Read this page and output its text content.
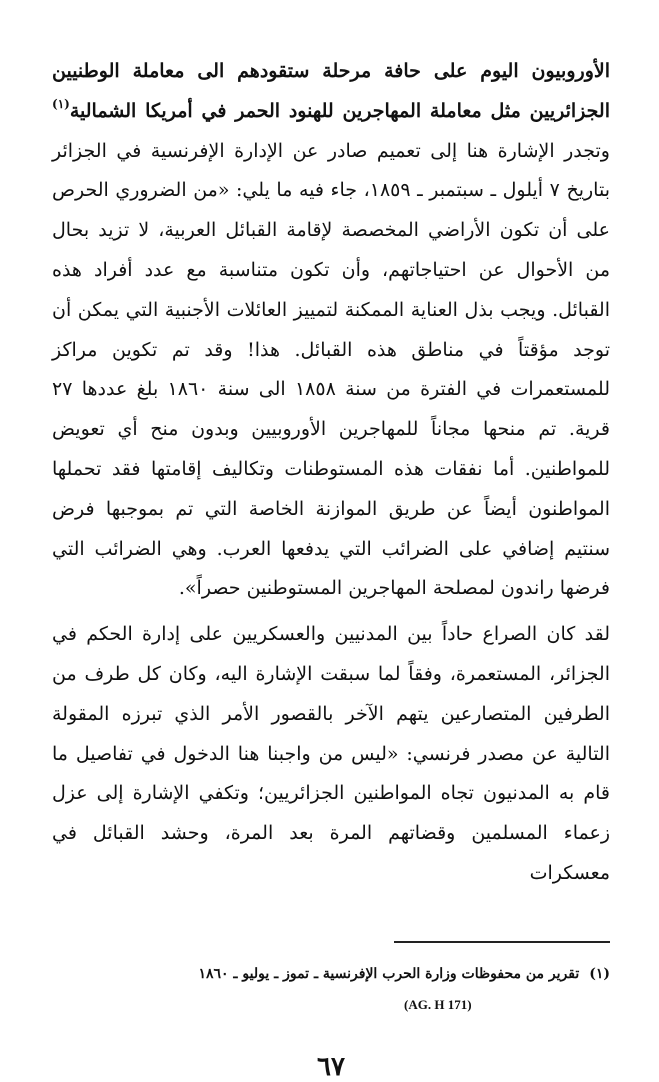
الأوروبيون اليوم على حافة مرحلة ستقودهم الى معاملة الوطنيين الجزائريين مثل معاملة المهاجرين للهنود الحمر في أمريكا الشمالية$^{(١)}$ وتجدر الإشارة هنا إلى تعميم صادر عن الإدارة الإفرنسية في الجزائر بتاريخ ٧ أيلول ـ سبتمبر ـ ١٨٥٩، جاء فيه ما يلي: «من الضروري الحرص على أن تكون الأراضي المخصصة لإقامة القبائل العربية، لا تزيد بحال من الأحوال عن احتياجاتهم، وأن تكون متناسبة مع عدد أفراد هذه القبائل. ويجب بذل العناية الممكنة لتمييز العائلات الأجنبية التي يمكن أن توجد مؤقتاً في مناطق هذه القبائل. هذا! وقد تم تكوين مراكز للمستعمرات في الفترة من سنة ١٨٥٨ الى سنة ١٨٦٠ بلغ عددها ٢٧ قرية. تم منحها مجاناً للمهاجرين الأوروبيين وبدون منح أي تعويض للمواطنين. أما نفقات هذه المستوطنات وتكاليف إقامتها فقد تحملها المواطنون أيضاً عن طريق الموازنة الخاصة التي تم بموجبها فرض سنتيم إضافي على الضرائب التي يدفعها العرب. وهي الضرائب التي فرضها راندون لمصلحة المهاجرين المستوطنين حصراً».

لقد كان الصراع حاداً بين المدنيين والعسكريين على إدارة الحكم في الجزائر، المستعمرة، وفقاً لما سبقت الإشارة اليه، وكان كل طرف من الطرفين المتصارعين يتهم الآخر بالقصور الأمر الذي تبرزه المقولة التالية عن مصدر فرنسي: «ليس من واجبنا هنا الدخول في تفاصيل ما قام به المدنيون تجاه المواطنين الجزائريين؛ وتكفي الإشارة إلى عزل زعماء المسلمين وقضاتهم المرة بعد المرة، وحشد القبائل في معسكرات

(١)تقرير من محفوظات وزارة الحرب الإفرنسية ـ تموز ـ يوليو ـ ١٨٦٠
(AG. H 171)
٦٧
